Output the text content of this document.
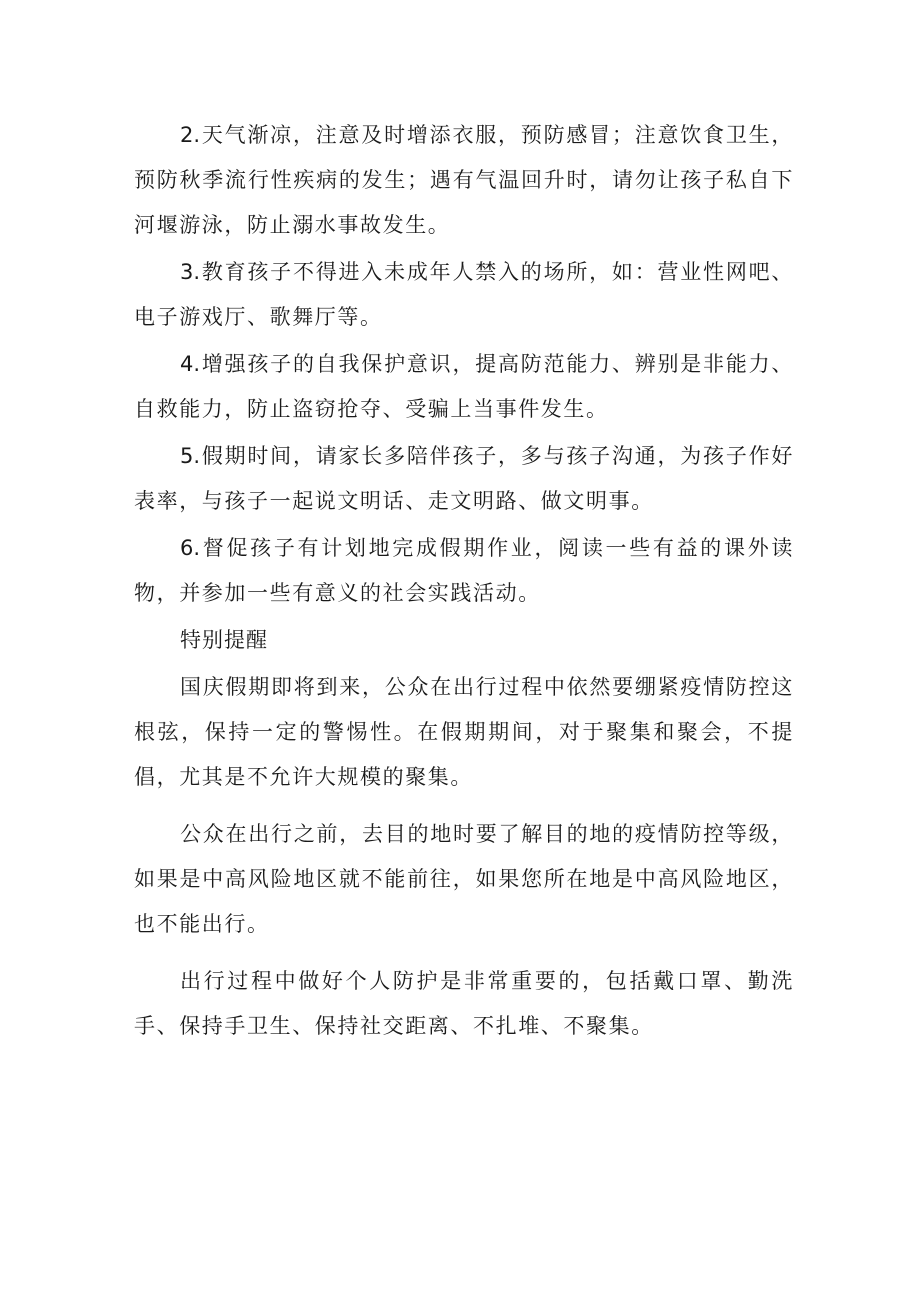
2.天气渐凉，注意及时增添衣服，预防感冒；注意饮食卫生，预防秋季流行性疾病的发生；遇有气温回升时，请勿让孩子私自下河堰游泳，防止溺水事故发生。

3.教育孩子不得进入未成年人禁入的场所，如：营业性网吧、电子游戏厅、歌舞厅等。

4.增强孩子的自我保护意识，提高防范能力、辨别是非能力、自救能力，防止盗窃抢夺、受骗上当事件发生。

5.假期时间，请家长多陪伴孩子，多与孩子沟通，为孩子作好表率，与孩子一起说文明话、走文明路、做文明事。

6.督促孩子有计划地完成假期作业，阅读一些有益的课外读物，并参加一些有意义的社会实践活动。

特别提醒

国庆假期即将到来，公众在出行过程中依然要绷紧疫情防控这根弦，保持一定的警惕性。在假期期间，对于聚集和聚会，不提倡，尤其是不允许大规模的聚集。

公众在出行之前，去目的地时要了解目的地的疫情防控等级，如果是中高风险地区就不能前往，如果您所在地是中高风险地区，也不能出行。

出行过程中做好个人防护是非常重要的，包括戴口罩、勤洗手、保持手卫生、保持社交距离、不扎堆、不聚集。
